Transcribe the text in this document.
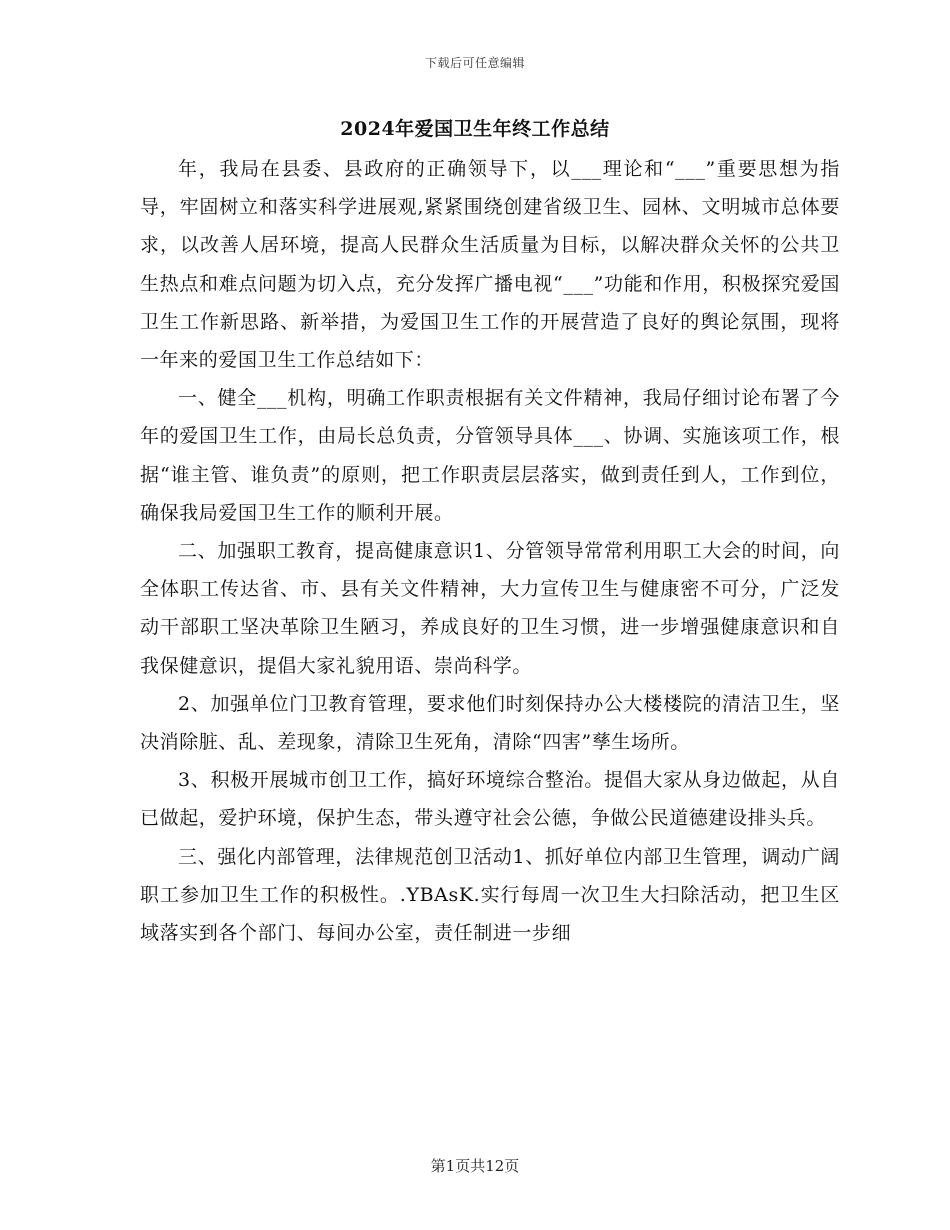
下载后可任意编辑
2024年爱国卫生年终工作总结

年，我局在县委、县政府的正确领导下，以___理论和“___”重要思想为指导，牢固树立和落实科学进展观,紧紧围绕创建省级卫生、园林、文明城市总体要求，以改善人居环境，提高人民群众生活质量为目标，以解决群众关怀的公共卫生热点和难点问题为切入点，充分发挥广播电视“___”功能和作用，积极探究爱国卫生工作新思路、新举措，为爱国卫生工作的开展营造了良好的舆论氛围，现将一年来的爱国卫生工作总结如下：

一、健全___机构，明确工作职责根据有关文件精神，我局仔细讨论布署了今年的爱国卫生工作，由局长总负责，分管领导具体___、协调、实施该项工作，根据“谁主管、谁负责”的原则，把工作职责层层落实，做到责任到人，工作到位，确保我局爱国卫生工作的顺利开展。

二、加强职工教育，提高健康意识1、分管领导常常利用职工大会的时间，向全体职工传达省、市、县有关文件精神，大力宣传卫生与健康密不可分，广泛发动干部职工坚决革除卫生陋习，养成良好的卫生习惯，进一步增强健康意识和自我保健意识，提倡大家礼貌用语、崇尚科学。

2、加强单位门卫教育管理，要求他们时刻保持办公大楼楼院的清洁卫生，坚决消除脏、乱、差现象，清除卫生死角，清除“四害”孳生场所。

3、积极开展城市创卫工作，搞好环境综合整治。提倡大家从身边做起，从自已做起，爱护环境，保护生态，带头遵守社会公德，争做公民道德建设排头兵。

三、强化内部管理，法律规范创卫活动1、抓好单位内部卫生管理，调动广阔职工参加卫生工作的积极性。.YBAsK.实行每周一次卫生大扫除活动，把卫生区域落实到各个部门、每间办公室，责任制进一步细

第1页共12页
